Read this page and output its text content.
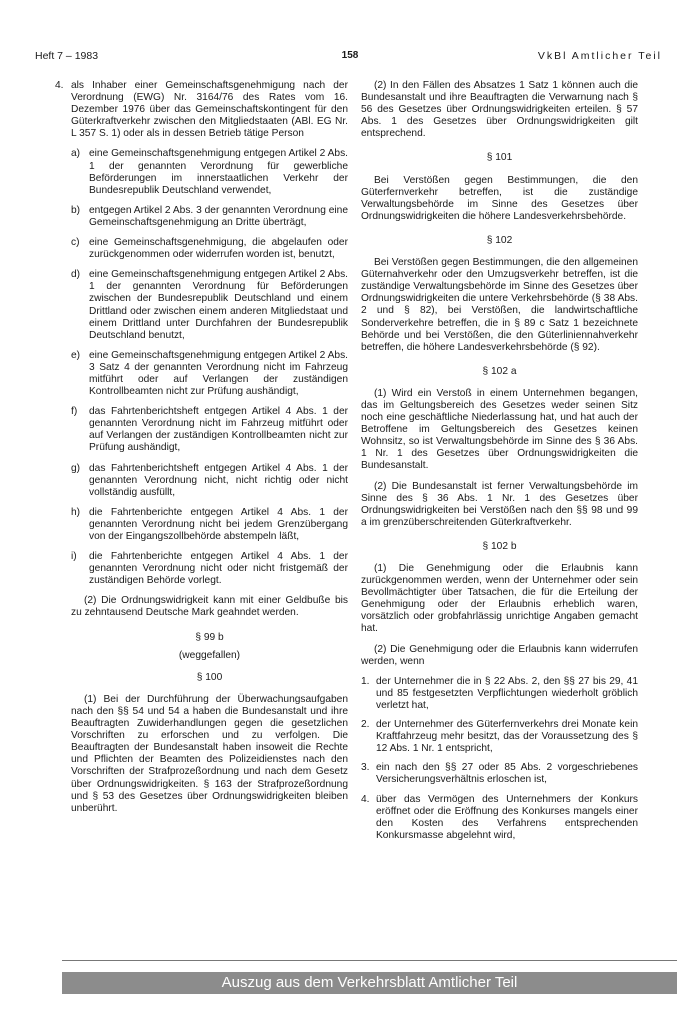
Heft 7 – 1983	158	VkBl Amtlicher Teil
4. als Inhaber einer Gemeinschaftsgenehmigung nach der Verordnung (EWG) Nr. 3164/76 des Rates vom 16. Dezember 1976 über das Gemeinschaftskontingent für den Güterkraftverkehr zwischen den Mitgliedstaaten (ABl. EG Nr. L 357 S. 1) oder als in dessen Betrieb tätige Person
a) eine Gemeinschaftsgenehmigung entgegen Artikel 2 Abs. 1 der genannten Verordnung für gewerbliche Beförderungen im innerstaatlichen Verkehr der Bundesrepublik Deutschland verwendet,
b) entgegen Artikel 2 Abs. 3 der genannten Verordnung eine Gemeinschaftsgenehmigung an Dritte überträgt,
c) eine Gemeinschaftsgenehmigung, die abgelaufen oder zurückgenommen oder widerrufen worden ist, benutzt,
d) eine Gemeinschaftsgenehmigung entgegen Artikel 2 Abs. 1 der genannten Verordnung für Beförderungen zwischen der Bundesrepublik Deutschland und einem Drittland oder zwischen einem anderen Mitgliedstaat und einem Drittland unter Durchfahren der Bundesrepublik Deutschland benutzt,
e) eine Gemeinschaftsgenehmigung entgegen Artikel 2 Abs. 3 Satz 4 der genannten Verordnung nicht im Fahrzeug mitführt oder auf Verlangen der zuständigen Kontrollbeamten nicht zur Prüfung aushändigt,
f) das Fahrtenberichtsheft entgegen Artikel 4 Abs. 1 der genannten Verordnung nicht im Fahrzeug mitführt oder auf Verlangen der zuständigen Kontrollbeamten nicht zur Prüfung aushändigt,
g) das Fahrtenberichtsheft entgegen Artikel 4 Abs. 1 der genannten Verordnung nicht, nicht richtig oder nicht vollständig ausfüllt,
h) die Fahrtenberichte entgegen Artikel 4 Abs. 1 der genannten Verordnung nicht bei jedem Grenzübergang von der Eingangszollbehörde abstempeln läßt,
i) die Fahrtenberichte entgegen Artikel 4 Abs. 1 der genannten Verordnung nicht oder nicht fristgemäß der zuständigen Behörde vorlegt.

(2) Die Ordnungswidrigkeit kann mit einer Geldbuße bis zu zehntausend Deutsche Mark geahndet werden.

§ 99 b
(weggefallen)
§ 100

(1) Bei der Durchführung der Überwachungsaufgaben nach den §§ 54 und 54 a haben die Bundesanstalt und ihre Beauftragten Zuwiderhandlungen gegen die gesetzlichen Vorschriften zu erforschen und zu verfolgen. Die Beauftragten der Bundesanstalt haben insoweit die Rechte und Pflichten der Beamten des Polizeidienstes nach den Vorschriften der Strafprozeßordnung und nach dem Gesetz über Ordnungswidrigkeiten. § 163 der Strafprozeßordnung und § 53 des Gesetzes über Ordnungswidrigkeiten bleiben unberührt.

(2) In den Fällen des Absatzes 1 Satz 1 können auch die Bundesanstalt und ihre Beauftragten die Verwarnung nach § 56 des Gesetzes über Ordnungswidrigkeiten erteilen. § 57 Abs. 1 des Gesetzes über Ordnungswidrigkeiten gilt entsprechend.

§ 101

Bei Verstößen gegen Bestimmungen, die den Güterfernverkehr betreffen, ist die zuständige Verwaltungsbehörde im Sinne des Gesetzes über Ordnungswidrigkeiten die höhere Landesverkehrsbehörde.

§ 102

Bei Verstößen gegen Bestimmungen, die den allgemeinen Güternahverkehr oder den Umzugsverkehr betreffen, ist die zuständige Verwaltungsbehörde im Sinne des Gesetzes über Ordnungswidrigkeiten die untere Verkehrsbehörde (§ 38 Abs. 2 und § 82), bei Verstößen, die landwirtschaftliche Sonderverkehre betreffen, die in § 89 c Satz 1 bezeichnete Behörde und bei Verstößen, die den Güterliniennahverkehr betreffen, die höhere Landesverkehrsbehörde (§ 92).

§ 102 a

(1) Wird ein Verstoß in einem Unternehmen begangen, das im Geltungsbereich des Gesetzes weder seinen Sitz noch eine geschäftliche Niederlassung hat, und hat auch der Betroffene im Geltungsbereich des Gesetzes keinen Wohnsitz, so ist Verwaltungsbehörde im Sinne des § 36 Abs. 1 Nr. 1 des Gesetzes über Ordnungswidrigkeiten die Bundesanstalt.

(2) Die Bundesanstalt ist ferner Verwaltungsbehörde im Sinne des § 36 Abs. 1 Nr. 1 des Gesetzes über Ordnungswidrigkeiten bei Verstößen nach den §§ 98 und 99 a im grenzüberschreitenden Güterkraftverkehr.

§ 102 b

(1) Die Genehmigung oder die Erlaubnis kann zurückgenommen werden, wenn der Unternehmer oder sein Bevollmächtigter über Tatsachen, die für die Erteilung der Genehmigung oder der Erlaubnis erheblich waren, vorsätzlich oder grobfahrlässig unrichtige Angaben gemacht hat.

(2) Die Genehmigung oder die Erlaubnis kann widerrufen werden, wenn

1. der Unternehmer die in § 22 Abs. 2, den §§ 27 bis 29, 41 und 85 festgesetzten Verpflichtungen wiederholt gröblich verletzt hat,
2. der Unternehmer des Güterfernverkehrs drei Monate kein Kraftfahrzeug mehr besitzt, das der Voraussetzung des § 12 Abs. 1 Nr. 1 entspricht,
3. ein nach den §§ 27 oder 85 Abs. 2 vorgeschriebenes Versicherungsverhältnis erloschen ist,
4. über das Vermögen des Unternehmers der Konkurs eröffnet oder die Eröffnung des Konkurses mangels einer den Kosten des Verfahrens entsprechenden Konkursmasse abgelehnt wird,
Auszug aus dem Verkehrsblatt Amtlicher Teil
